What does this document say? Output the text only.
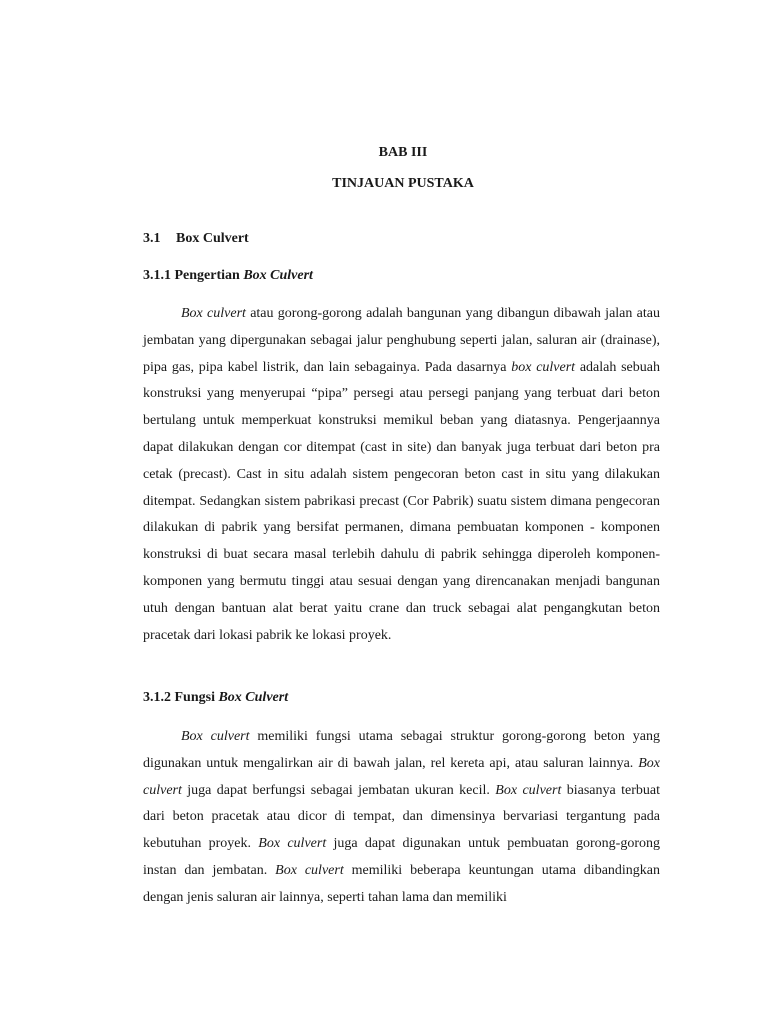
BAB III
TINJAUAN PUSTAKA
3.1 Box Culvert
3.1.1 Pengertian Box Culvert

Box culvert atau gorong-gorong adalah bangunan yang dibangun dibawah jalan atau jembatan yang dipergunakan sebagai jalur penghubung seperti jalan, saluran air (drainase), pipa gas, pipa kabel listrik, dan lain sebagainya. Pada dasarnya box culvert adalah sebuah konstruksi yang menyerupai “pipa” persegi atau persegi panjang yang terbuat dari beton bertulang untuk memperkuat konstruksi memikul beban yang diatasnya. Pengerjaannya dapat dilakukan dengan cor ditempat (cast in site) dan banyak juga terbuat dari beton pra cetak (precast). Cast in situ adalah sistem pengecoran beton cast in situ yang dilakukan ditempat. Sedangkan sistem pabrikasi precast (Cor Pabrik) suatu sistem dimana pengecoran dilakukan di pabrik yang bersifat permanen, dimana pembuatan komponen - komponen konstruksi di buat secara masal terlebih dahulu di pabrik sehingga diperoleh komponen-komponen yang bermutu tinggi atau sesuai dengan yang direncanakan menjadi bangunan utuh dengan bantuan alat berat yaitu crane dan truck sebagai alat pengangkutan beton pracetak dari lokasi pabrik ke lokasi proyek.

3.1.2 Fungsi Box Culvert

Box culvert memiliki fungsi utama sebagai struktur gorong-gorong beton yang digunakan untuk mengalirkan air di bawah jalan, rel kereta api, atau saluran lainnya. Box culvert juga dapat berfungsi sebagai jembatan ukuran kecil. Box culvert biasanya terbuat dari beton pracetak atau dicor di tempat, dan dimensinya bervariasi tergantung pada kebutuhan proyek. Box culvert juga dapat digunakan untuk pembuatan gorong-gorong instan dan jembatan. Box culvert memiliki beberapa keuntungan utama dibandingkan dengan jenis saluran air lainnya, seperti tahan lama dan memiliki
